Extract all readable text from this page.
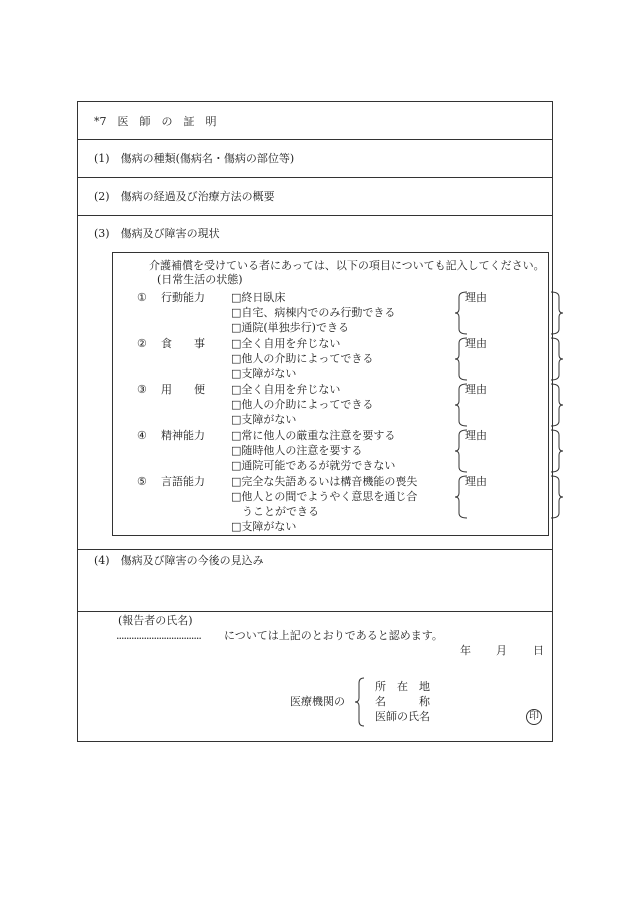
*7　医　師　の　証　明
(1)　傷病の種類(傷病名・傷病の部位等)
(2)　傷病の経過及び治療方法の概要
(3)　傷病及び障害の現状
介護補償を受けている者にあっては、以下の項目についても記入してください。
(日常生活の状態)
① 行動能力 □終日臥床
□自宅、病棟内でのみ行動できる
□通院(単独歩行)できる
理由
② 食　　事 □全く自用を弁じない
□他人の介助によってできる
□支障がない
理由
③ 用　　便 □全く自用を弁じない
□他人の介助によってできる
□支障がない
理由
④ 精神能力 □常に他人の厳重な注意を要する
□随時他人の注意を要する
□通院可能であるが就労できない
理由
⑤ 言語能力 □完全な失語あるいは構音機能の喪失
□他人との間でようやく意思を通じ合
　うことができる
□支障がない
理由
(4)　傷病及び障害の今後の見込み
(報告者の氏名)
.................................. については上記のとおりであると認めます。
年 月 日
医療機関の
所　在　地
名　　　称
医師の氏名	印
